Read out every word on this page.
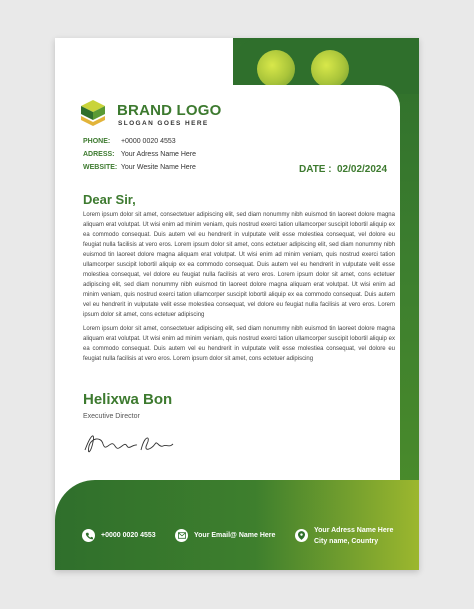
BRAND LOGO
SLOGAN GOES HERE
PHONE: +0000 0020 4553
ADRESS: Your Adress Name Here
WEBSITE: Your Wesite Name Here	DATE : 02/02/2024
Dear Sir,
Lorem ipsum dolor sit amet, consectetuer adipiscing elit, sed diam nonummy nibh euismod tin laoreet dolore magna aliquam erat volutpat. Ut wisi enim ad minim veniam, quis nostrud exerci tation ullamcorper suscipit lobortil aliquip ex ea commodo consequat. Duis autem vel eu hendrerit in vulputate velit esse molestiea consequat, vel dolore eu feugiat nulla facilisis at vero eros. Lorem ipsum dolor sit amet, cons ectetuer adipiscing elit, sed diam nonummy nibh euismod tin laoreet dolore magna aliquam erat volutpat. Ut wisi enim ad minim veniam, quis nostrud exerci tation ullamcorper suscipit lobortil aliquip ex ea commodo consequat. Duis autem vel eu hendrerit in vulputate velit esse molestiea consequat, vel dolore eu feugiat nulla facilisis at vero eros. Lorem ipsum dolor sit amet, cons ectetuer adipiscing elit, sed diam nonummy nibh euismod tin laoreet dolore magna aliquam erat volutpat. Ut wisi enim ad minim veniam, quis nostrud exerci tation ullamcorper suscipit lobortil aliquip ex ea commodo consequat. Duis autem vel eu hendrerit in vulputate velit esse molestiea consequat, vel dolore eu feugiat nulla facilisis at vero eros. Lorem ipsum dolor sit amet, cons ectetuer adipiscing
Lorem ipsum dolor sit amet, consectetuer adipiscing elit, sed diam nonummy nibh euismod tin laoreet dolore magna aliquam erat volutpat. Ut wisi enim ad minim veniam, quis nostrud exerci tation ullamcorper suscipit lobortil aliquip ex ea commodo consequat. Duis autem vel eu hendrerit in vulputate velit esse molestiea consequat, vel dolore eu feugiat nulla facilisis at vero eros. Lorem ipsum dolor sit amet, cons ectetuer adipiscing
Helixwa Bon
Executive Director
+0000 0020 4553	Your Email@ Name Here
Your Adress Name Here
City name, Country
